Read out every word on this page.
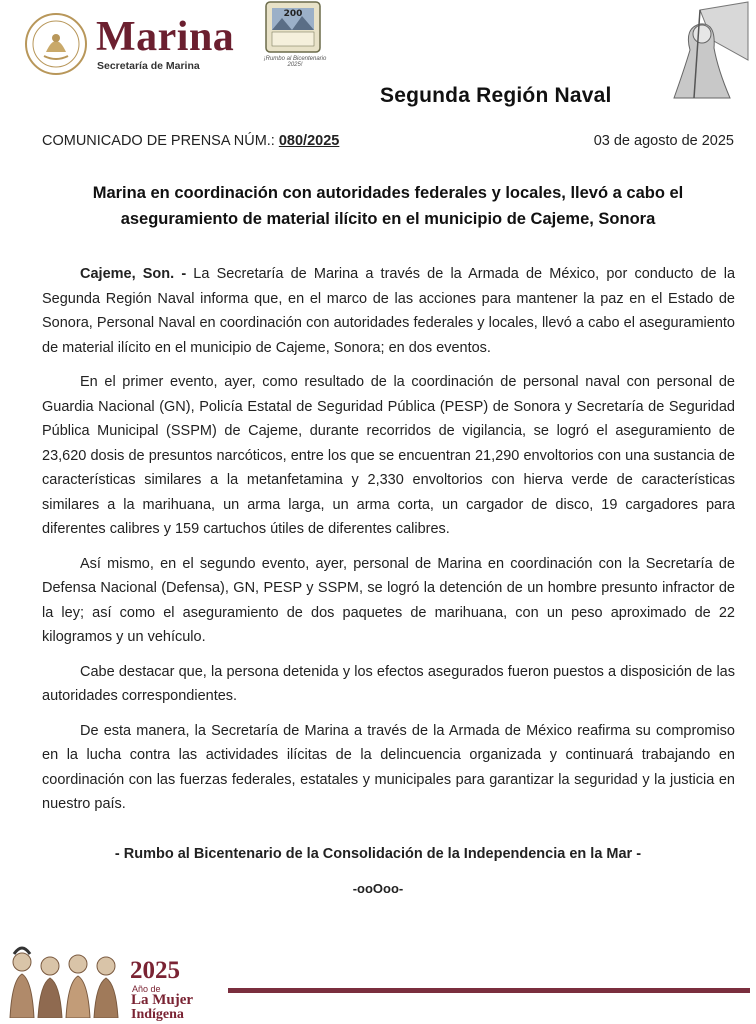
Marina
Secretaría de Marina
200
¡Rumbo al Bicentenario 2025!
Segunda Región Naval
COMUNICADO DE PRENSA NÚM.: 080/2025	03 de agosto de 2025
Marina en coordinación con autoridades federales y locales, llevó a cabo el aseguramiento de material ilícito en el municipio de Cajeme, Sonora

Cajeme, Son. - La Secretaría de Marina a través de la Armada de México, por conducto de la Segunda Región Naval informa que, en el marco de las acciones para mantener la paz en el Estado de Sonora, Personal Naval en coordinación con autoridades federales y locales, llevó a cabo el aseguramiento de material ilícito en el municipio de Cajeme, Sonora; en dos eventos.

En el primer evento, ayer, como resultado de la coordinación de personal naval con personal de Guardia Nacional (GN), Policía Estatal de Seguridad Pública (PESP) de Sonora y Secretaría de Seguridad Pública Municipal (SSPM) de Cajeme, durante recorridos de vigilancia, se logró el aseguramiento de 23,620 dosis de presuntos narcóticos, entre los que se encuentran 21,290 envoltorios con una sustancia de características similares a la metanfetamina y 2,330 envoltorios con hierva verde de características similares a la marihuana, un arma larga, un arma corta, un cargador de disco, 19 cargadores para diferentes calibres y 159 cartuchos útiles de diferentes calibres.

Así mismo, en el segundo evento, ayer, personal de Marina en coordinación con la Secretaría de Defensa Nacional (Defensa), GN, PESP y SSPM, se logró la detención de un hombre presunto infractor de la ley; así como el aseguramiento de dos paquetes de marihuana, con un peso aproximado de 22 kilogramos y un vehículo.

Cabe destacar que, la persona detenida y los efectos asegurados fueron puestos a disposición de las autoridades correspondientes.

De esta manera, la Secretaría de Marina a través de la Armada de México reafirma su compromiso en la lucha contra las actividades ilícitas de la delincuencia organizada y continuará trabajando en coordinación con las fuerzas federales, estatales y municipales para garantizar la seguridad y la justicia en nuestro país.

- Rumbo al Bicentenario de la Consolidación de la Independencia en la Mar -
-ooOoo-
2025
Año de
La Mujer
Indígena
